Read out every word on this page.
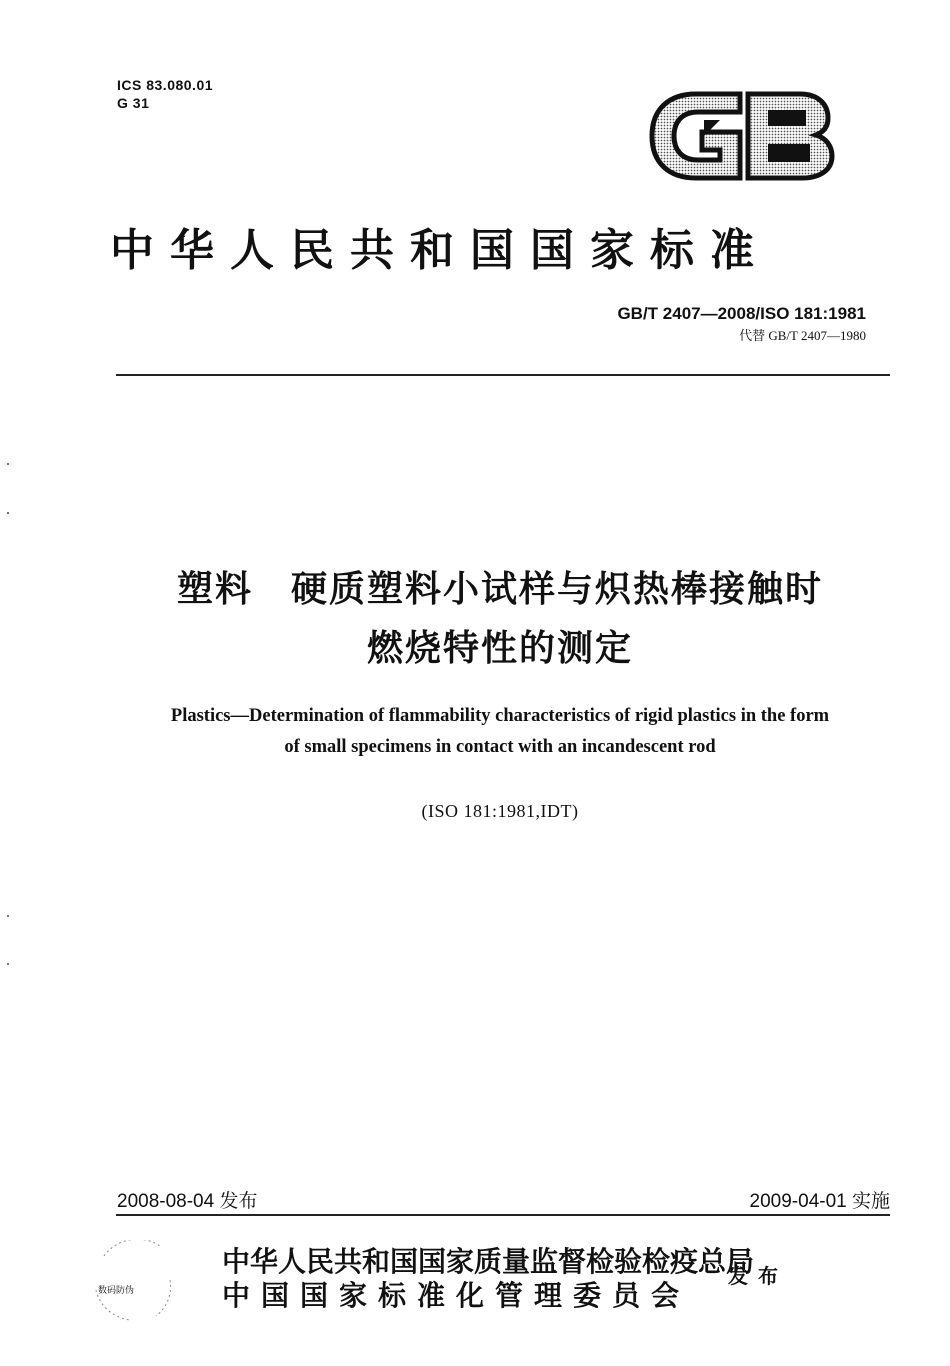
ICS 83.080.01
G 31
中华人民共和国国家标准
GB/T 2407—2008/ISO 181:1981
代替 GB/T 2407—1980
塑料　硬质塑料小试样与炽热棒接触时
燃烧特性的测定
Plastics—Determination of flammability characteristics of rigid plastics in the form
of small specimens in contact with an incandescent rod
(ISO 181:1981,IDT)
2008-08-04 发布	2009-04-01 实施
数码防伪
中华人民共和国国家质量监督检验检疫总局
中国国家标准化管理委员会
发布
